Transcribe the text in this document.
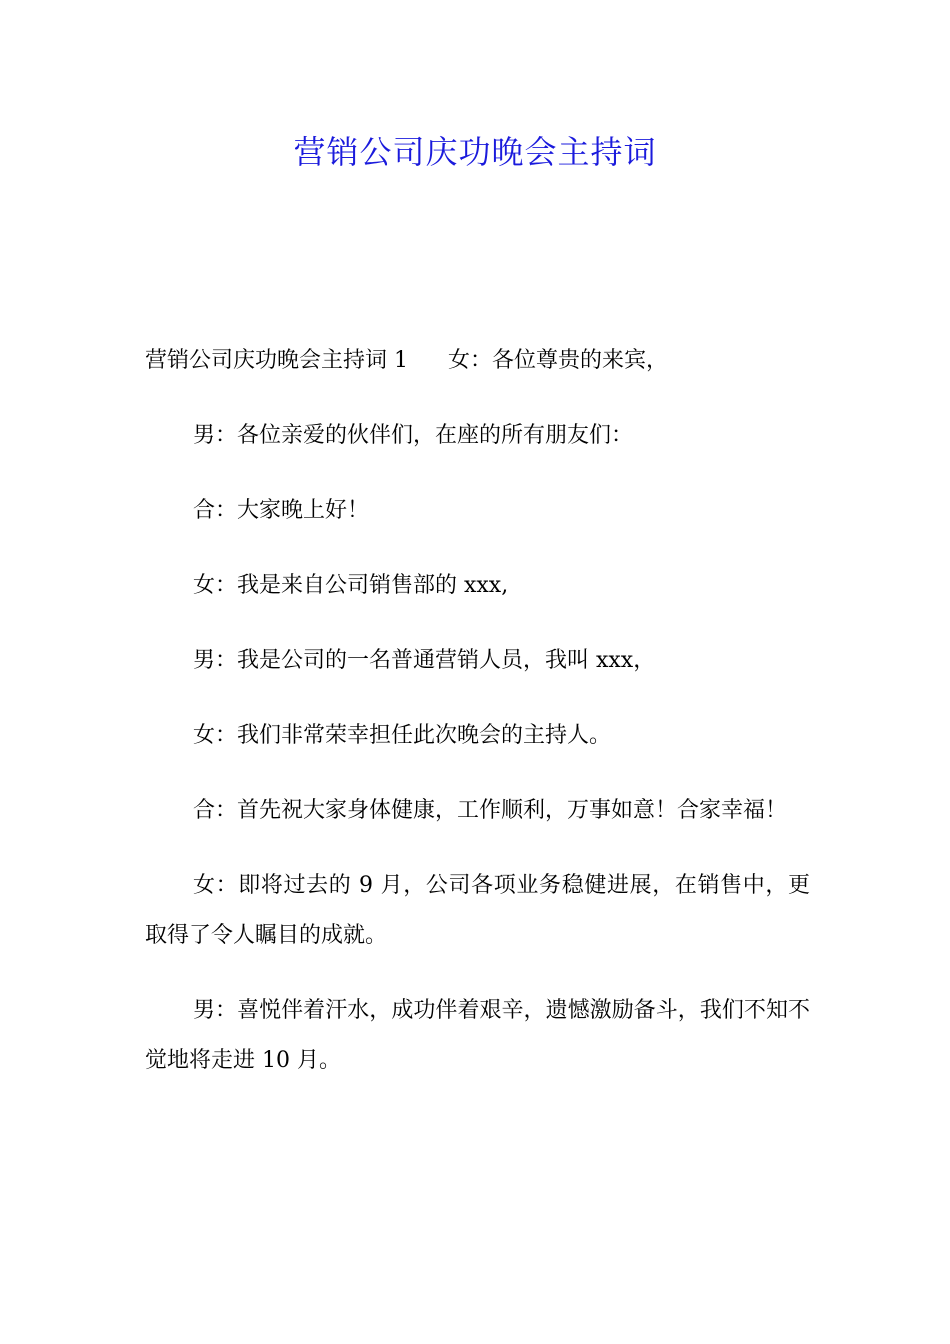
营销公司庆功晚会主持词

营销公司庆功晚会主持词 1 女：各位尊贵的来宾，

男：各位亲爱的伙伴们，在座的所有朋友们：

合：大家晚上好！

女：我是来自公司销售部的 xxx,

男：我是公司的一名普通营销人员，我叫 xxx，

女：我们非常荣幸担任此次晚会的主持人。

合：首先祝大家身体健康，工作顺利，万事如意！合家幸福！

女：即将过去的 9 月，公司各项业务稳健进展，在销售中，更取得了令人瞩目的成就。

男：喜悦伴着汗水，成功伴着艰辛，遗憾激励备斗，我们不知不觉地将走进 10 月。
